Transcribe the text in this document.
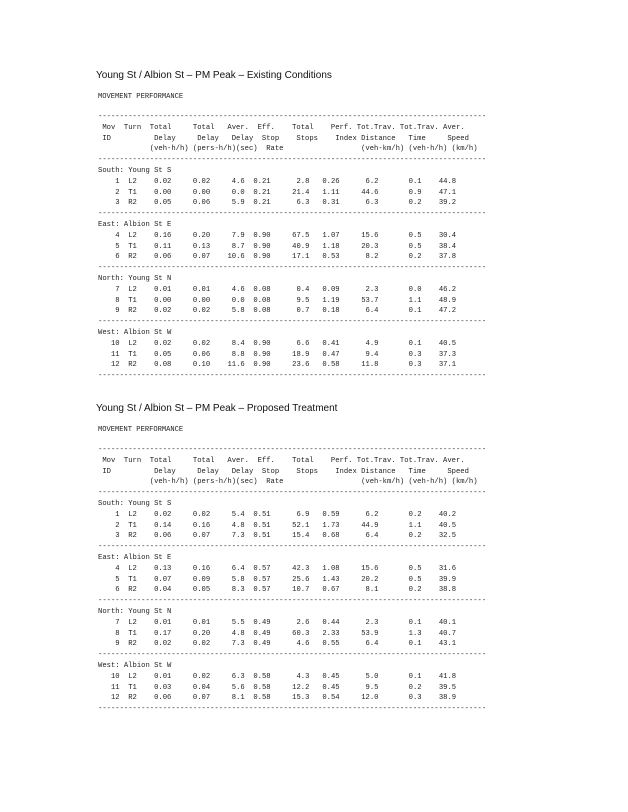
Young St / Albion St – PM Peak – Existing Conditions
MOVEMENT PERFORMANCE
------------------------------------------------------------------------------------------
Mov  Turn  Total     Total   Aver.  Eff.    Total    Perf. Tot.Trav. Tot.Trav. Aver.
ID          Delay     Delay   Delay  Stop    Stops    Index Distance   Time     Speed
(veh-h/h) (pers-h/h)(sec)  Rate                  (veh-km/h) (veh-h/h) (km/h)
------------------------------------------------------------------------------------------
South: Young St S
1  L2    0.02     0.02     4.6  0.21      2.8   0.26      6.2       0.1    44.8
2  T1    0.00     0.00     0.0  0.21     21.4   1.11     44.6       0.9    47.1
3  R2    0.05     0.06     5.9  0.21      6.3   0.31      6.3       0.2    39.2
------------------------------------------------------------------------------------------
East: Albion St E
4  L2    0.16     0.20     7.9  0.90     67.5   1.07     15.6       0.5    30.4
5  T1    0.11     0.13     8.7  0.90     40.9   1.18     20.3       0.5    38.4
6  R2    0.06     0.07    10.6  0.90     17.1   0.53      8.2       0.2    37.8
------------------------------------------------------------------------------------------
North: Young St N
7  L2    0.01     0.01     4.6  0.08      0.4   0.09      2.3       0.0    46.2
8  T1    0.00     0.00     0.0  0.08      9.5   1.19     53.7       1.1    48.9
9  R2    0.02     0.02     5.8  0.08      0.7   0.18      6.4       0.1    47.2
------------------------------------------------------------------------------------------
West: Albion St W
10  L2    0.02     0.02     8.4  0.90      6.6   0.41      4.9       0.1    40.5
11  T1    0.05     0.06     8.8  0.90     18.9   0.47      9.4       0.3    37.3
12  R2    0.08     0.10    11.6  0.90     23.6   0.58     11.8       0.3    37.1
------------------------------------------------------------------------------------------
Young St / Albion St – PM Peak – Proposed Treatment
MOVEMENT PERFORMANCE
------------------------------------------------------------------------------------------
Mov  Turn  Total     Total   Aver.  Eff.    Total    Perf. Tot.Trav. Tot.Trav. Aver.
ID          Delay     Delay   Delay  Stop    Stops    Index Distance   Time     Speed
(veh-h/h) (pers-h/h)(sec)  Rate                  (veh-km/h) (veh-h/h) (km/h)
------------------------------------------------------------------------------------------
South: Young St S
1  L2    0.02     0.02     5.4  0.51      6.9   0.59      6.2       0.2    40.2
2  T1    0.14     0.16     4.8  0.51     52.1   1.73     44.9       1.1    40.5
3  R2    0.06     0.07     7.3  0.51     15.4   0.68      6.4       0.2    32.5
------------------------------------------------------------------------------------------
East: Albion St E
4  L2    0.13     0.16     6.4  0.57     42.3   1.08     15.6       0.5    31.6
5  T1    0.07     0.09     5.8  0.57     25.6   1.43     20.2       0.5    39.9
6  R2    0.04     0.05     8.3  0.57     10.7   0.67      8.1       0.2    38.8
------------------------------------------------------------------------------------------
North: Young St N
7  L2    0.01     0.01     5.5  0.49      2.6   0.44      2.3       0.1    40.1
8  T1    0.17     0.20     4.8  0.49     60.3   2.33     53.9       1.3    40.7
9  R2    0.02     0.02     7.3  0.49      4.6   0.55      6.4       0.1    43.1
------------------------------------------------------------------------------------------
West: Albion St W
10  L2    0.01     0.02     6.3  0.58      4.3   0.45      5.0       0.1    41.8
11  T1    0.03     0.04     5.6  0.58     12.2   0.45      9.5       0.2    39.5
12  R2    0.06     0.07     8.1  0.58     15.3   0.54     12.0       0.3    38.9
------------------------------------------------------------------------------------------
